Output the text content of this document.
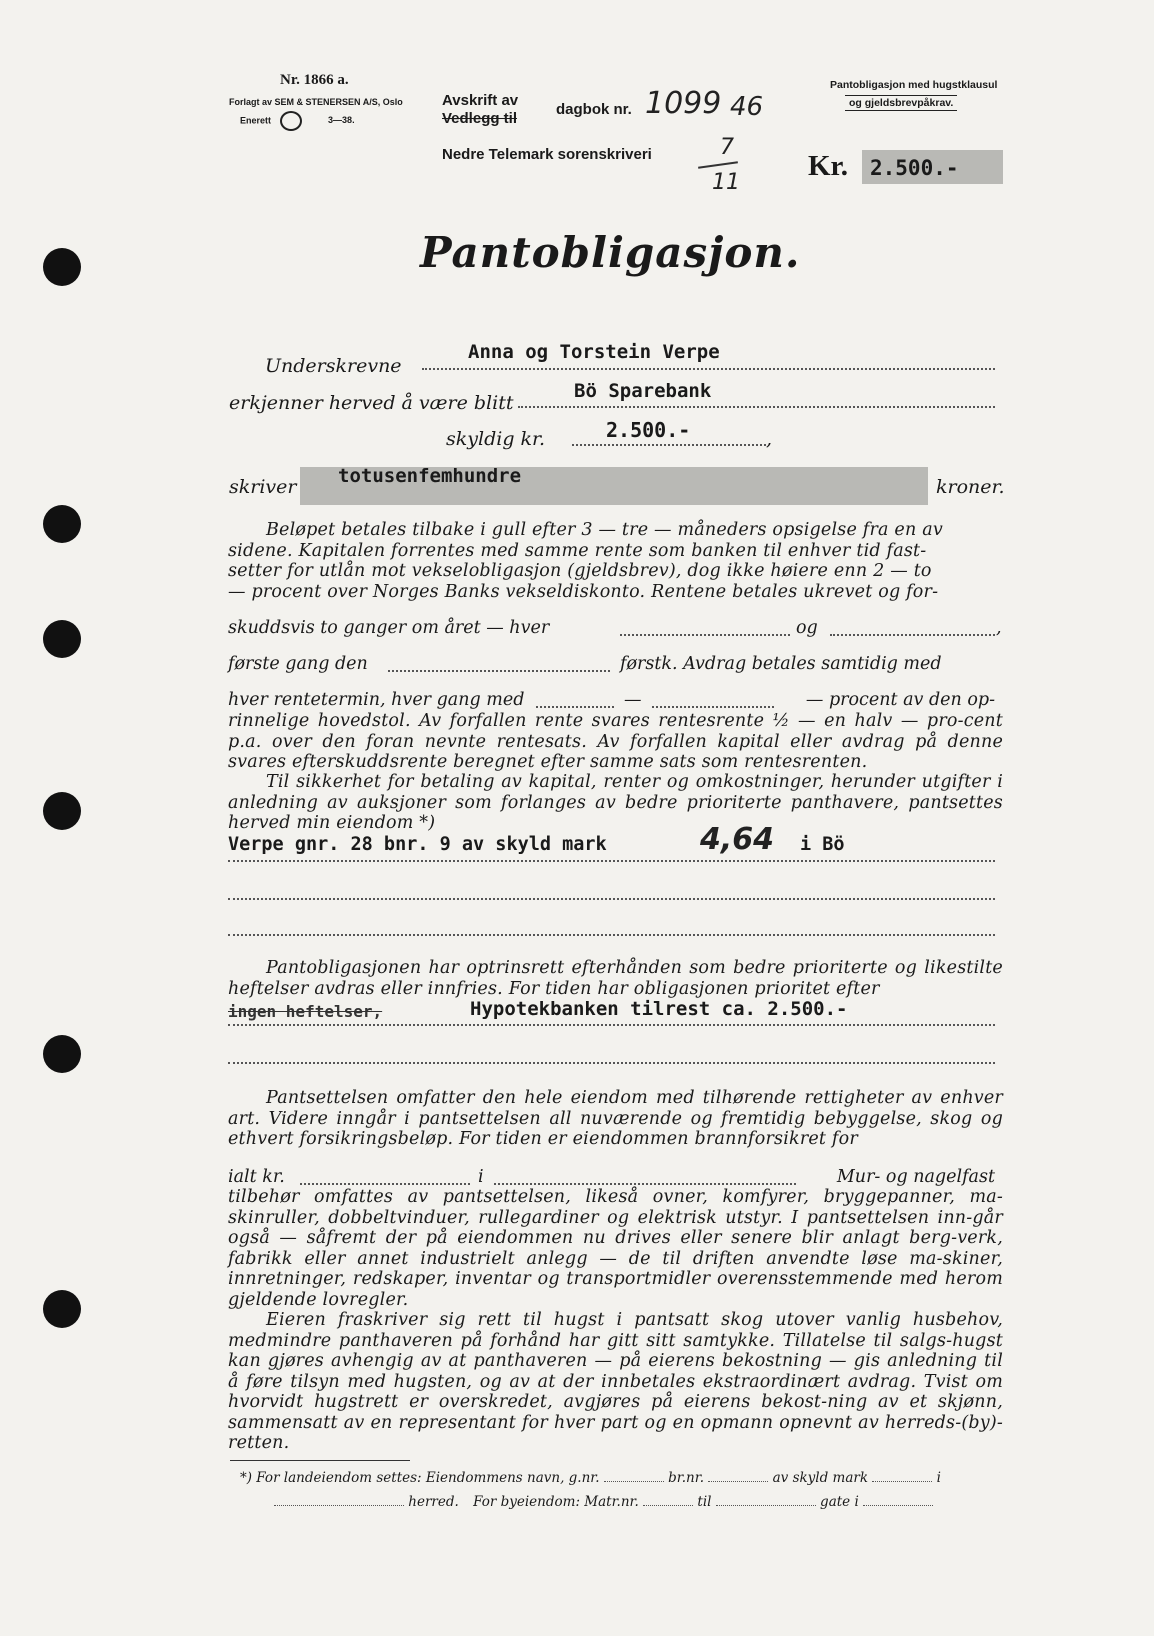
Nr. 1866 a.
Forlagt av SEM & STENERSEN A/S, Oslo
Enerett	3—38.
Avskrift av
Vedlegg til
dagbok nr. 1099 46
Nedre Telemark sorenskriveri	7
11
Pantobligasjon med hugstklausul
og gjeldsbrevpåkrav.
Kr. 2.500.-
Pantobligasjon.
Underskrevne
Anna og Torstein Verpe
erkjenner herved å være blitt
Bö Sparebank
skyldig kr.	2.500.-	,
skriver totusenfemhundre	kroner.
Beløpet betales tilbake i gull efter 3 — tre — måneders opsigelse fra en av
sidene. Kapitalen forrentes med samme rente som banken til enhver tid fast-
setter for utlån mot vekselobligasjon (gjeldsbrev), dog ikke høiere enn 2 — to
— procent over Norges Banks vekseldiskonto. Rentene betales ukrevet og for-
skuddsvis to ganger om året — hver	og	,
første gang den	førstk. Avdrag betales samtidig med
hver rentetermin, hver gang med	—	— procent av den op-
rinnelige hovedstol. Av forfallen rente svares rentesrente ½ — en halv — pro-cent p.a. over den foran nevnte rentesats. Av forfallen kapital eller avdrag på denne svares efterskuddsrente beregnet efter samme sats som rentesrenten.

Til sikkerhet for betaling av kapital, renter og omkostninger, herunder utgifter i anledning av auksjoner som forlanges av bedre prioriterte panthavere, pantsettes herved min eiendom *)

Verpe gnr. 28 bnr. 9 av skyld mark	4,64 i Bö

Pantobligasjonen har optrinsrett efterhånden som bedre prioriterte og likestilte heftelser avdras eller innfries. For tiden har obligasjonen prioritet efter

ingen heftelser,	Hypotekbanken tilrest ca. 2.500.-

Pantsettelsen omfatter den hele eiendom med tilhørende rettigheter av enhver art. Videre inngår i pantsettelsen all nuværende og fremtidig bebyggelse, skog og ethvert forsikringsbeløp. For tiden er eiendommen brannforsikret for

ialt kr.	i	Mur- og nagelfast
tilbehør omfattes av pantsettelsen, likeså ovner, komfyrer, bryggepanner, ma-skinruller, dobbeltvinduer, rullegardiner og elektrisk utstyr. I pantsettelsen inn-går også — såfremt der på eiendommen nu drives eller senere blir anlagt berg-verk, fabrikk eller annet industrielt anlegg — de til driften anvendte løse ma-skiner, innretninger, redskaper, inventar og transportmidler overensstemmende med herom gjeldende lovregler.

Eieren fraskriver sig rett til hugst i pantsatt skog utover vanlig husbehov, medmindre panthaveren på forhånd har gitt sitt samtykke. Tillatelse til salgs-hugst kan gjøres avhengig av at panthaveren — på eierens bekostning — gis anledning til å føre tilsyn med hugsten, og av at der innbetales ekstraordinært avdrag. Tvist om hvorvidt hugstrett er overskredet, avgjøres på eierens bekost-ning av et skjønn, sammensatt av en representant for hver part og en opmann opnevnt av herreds-(by)-retten.

*) For landeiendom settes: Eiendommens navn, g.nr.	br.nr.	av skyld mark	i
herred. For byeiendom: Matr.nr.	til	gate i
